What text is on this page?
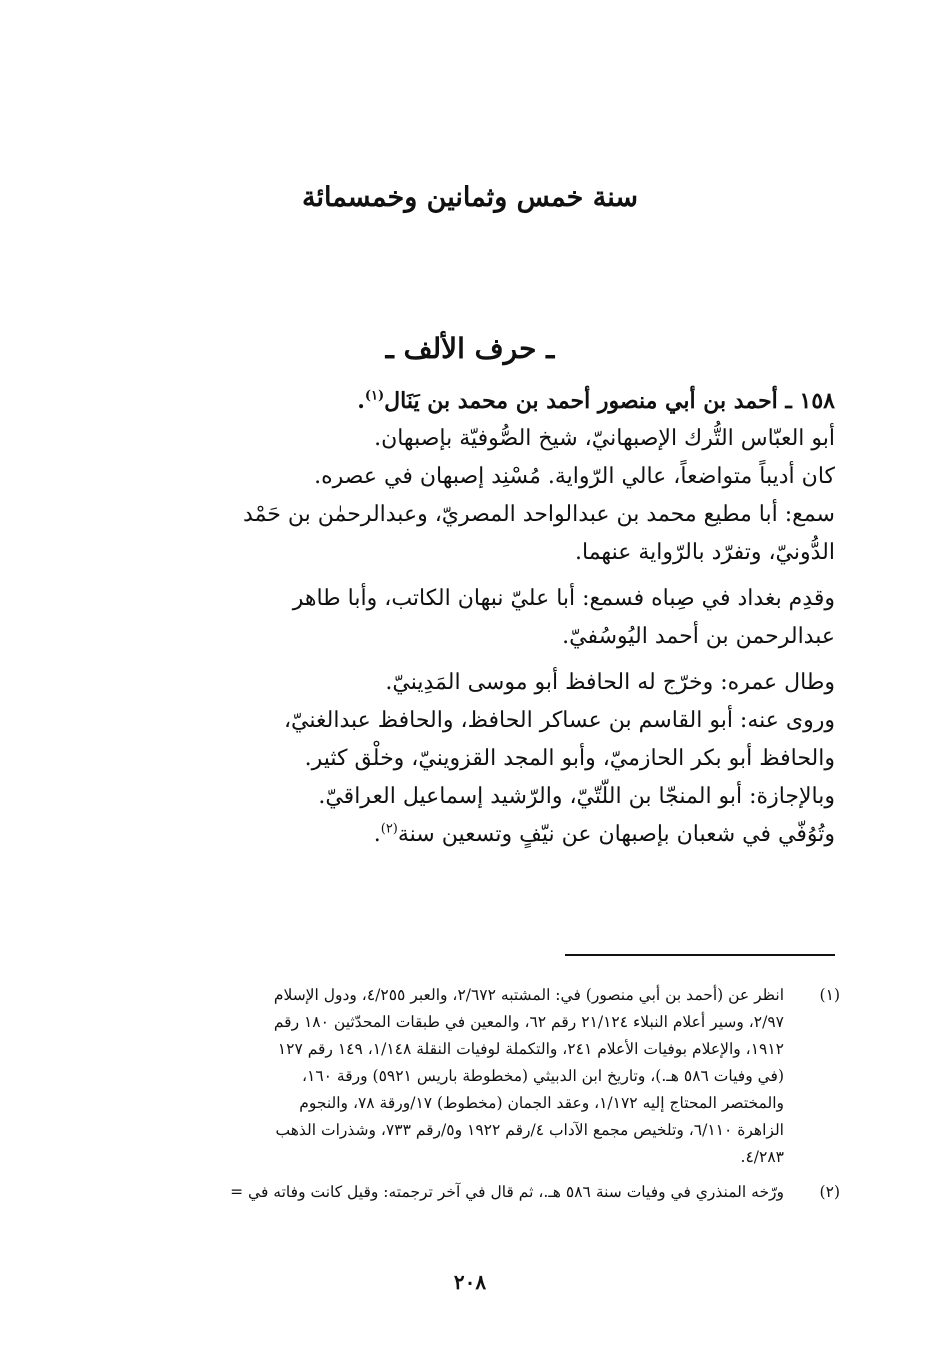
سنة خمس وثمانين وخمسمائة
ـ حرف الألف ـ
١٥٨ ـ أحمد بن أبي منصور أحمد بن محمد بن يَنَال$^{(١)}$.
أبو العبّاس التُّرك الإصبهانيّ، شيخ الصُّوفيّة بإصبهان.
كان أديباً متواضعاً، عالي الرّواية. مُسْنِد إصبهان في عصره.
سمع: أبا مطيع محمد بن عبدالواحد المصريّ، وعبدالرحمٰن بن حَمْد
الدُّونيّ، وتفرّد بالرّواية عنهما.
وقدِم بغداد في صِباه فسمع: أبا عليّ نبهان الكاتب، وأبا طاهر
عبدالرحمن بن أحمد اليُوسُفيّ.
وطال عمره: وخرّج له الحافظ أبو موسى المَدِينيّ.
وروى عنه: أبو القاسم بن عساكر الحافظ، والحافظ عبدالغنيّ،
والحافظ أبو بكر الحازميّ، وأبو المجد القزوينيّ، وخلْق كثير.
وبالإجازة: أبو المنجّا بن اللّتّيّ، والرّشيد إسماعيل العراقيّ.
وتُوُفّي في شعبان بإصبهان عن نيّفٍ وتسعين سنة$^{(٢)}$.
(١)
انظر عن (أحمد بن أبي منصور) في: المشتبه ٢/٦٧٢، والعبر ٤/٢٥٥، ودول الإسلام
٢/٩٧، وسير أعلام النبلاء ٢١/١٢٤ رقم ٦٢، والمعين في طبقات المحدّثين ١٨٠ رقم
١٩١٢، والإعلام بوفيات الأعلام ٢٤١، والتكملة لوفيات النقلة ١/١٤٨، ١٤٩ رقم ١٢٧
(في وفيات ٥٨٦ هـ.)، وتاريخ ابن الدبيثي (مخطوطة باريس ٥٩٢١) ورقة ١٦٠،
والمختصر المحتاج إليه ١/١٧٢، وعقد الجمان (مخطوط) ١٧/ورقة ٧٨، والنجوم
الزاهرة ٦/١١٠، وتلخيص مجمع الآداب ٤/رقم ١٩٢٢ و٥/رقم ٧٣٣، وشذرات الذهب
٤/٢٨٣.
(٢)
ورّخه المنذري في وفيات سنة ٥٨٦ هـ.، ثم قال في آخر ترجمته: وقيل كانت وفاته في =
٢٠٨
